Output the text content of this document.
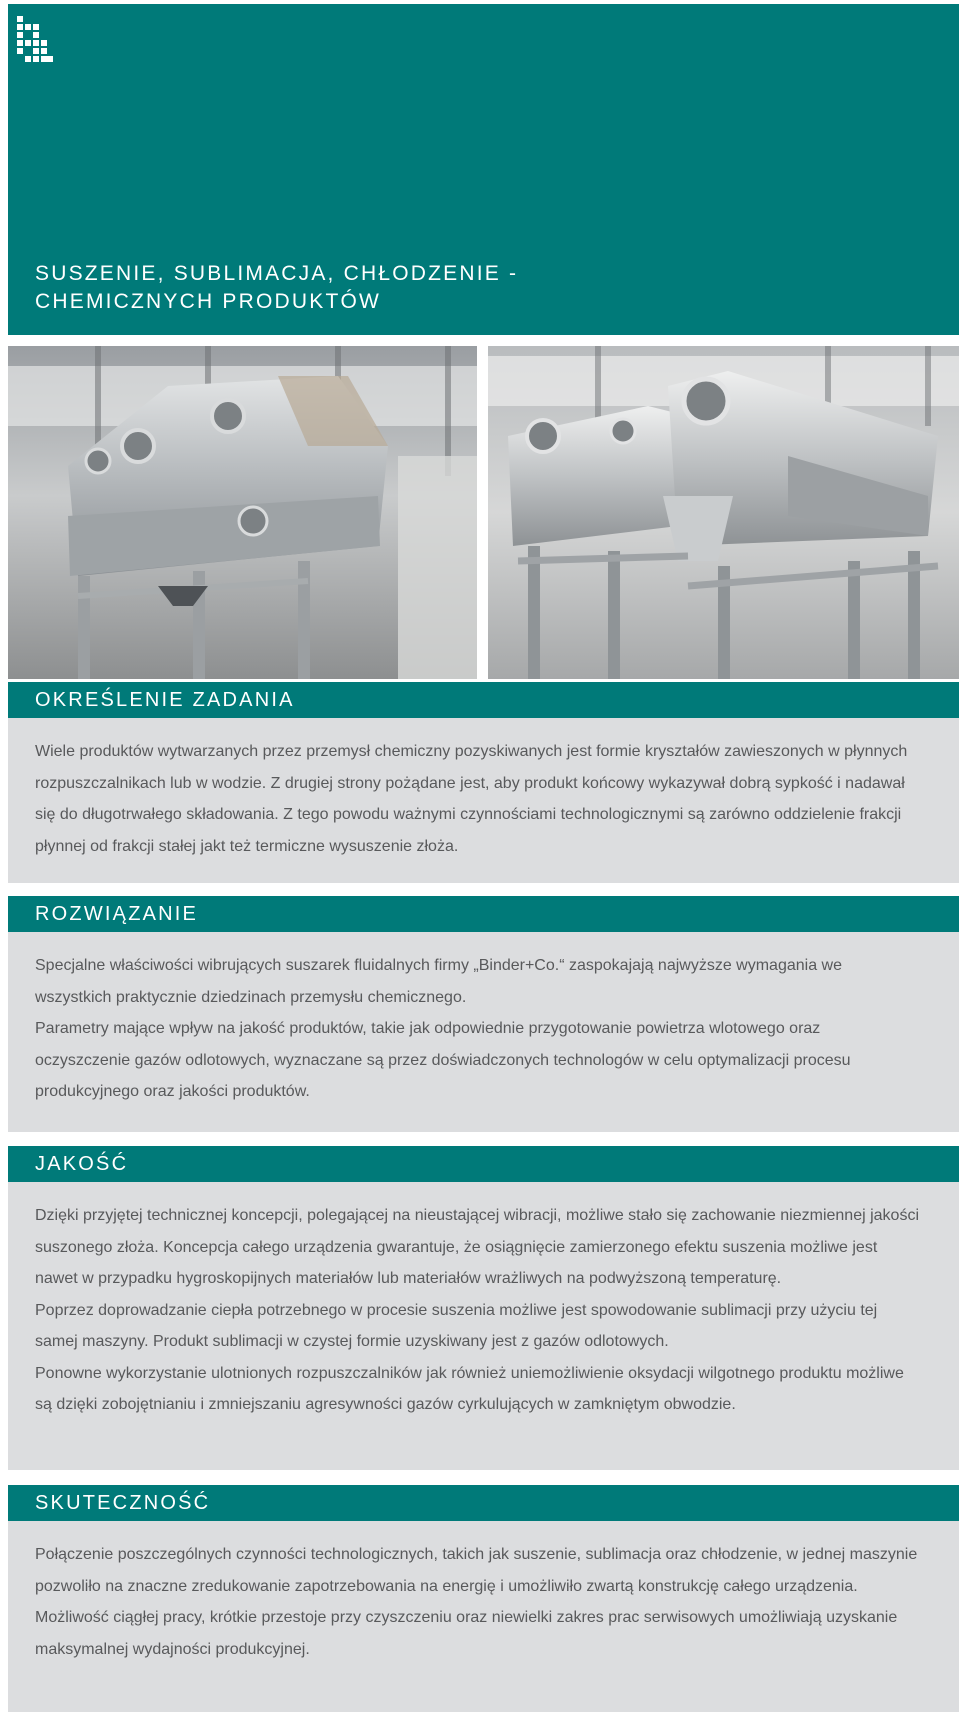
SUSZENIE, SUBLIMACJA, CHŁODZENIE -
CHEMICZNYCH PRODUKTÓW
OKREŚLENIE ZADANIA

Wiele produktów wytwarzanych przez przemysł chemiczny pozyskiwanych jest formie kryształów zawieszonych w płynnych rozpuszczalnikach lub w wodzie. Z drugiej strony pożądane jest, aby produkt końcowy wykazywał dobrą sypkość i nadawał się do długotrwałego składowania. Z tego powodu ważnymi czynnościami technologicznymi są zarówno oddzielenie frakcji płynnej od frakcji stałej jakt też termiczne wysuszenie złoża.

ROZWIĄZANIE

Specjalne właściwości wibrujących suszarek fluidalnych firmy „Binder+Co.“ zaspokajają najwyższe wymagania we wszystkich praktycznie dziedzinach przemysłu chemicznego.

Parametry mające wpływ na jakość produktów, takie jak odpowiednie przygotowanie powietrza wlotowego oraz oczyszczenie gazów odlotowych, wyznaczane są przez doświadczonych technologów w celu optymalizacji procesu produkcyjnego oraz jakości produktów.

JAKOŚĆ

Dzięki przyjętej technicznej koncepcji, polegającej na nieustającej wibracji, możliwe stało się zachowanie niezmiennej jakości suszonego złoża. Koncepcja całego urządzenia gwarantuje, że osiągnięcie zamierzonego efektu suszenia możliwe jest nawet w przypadku hygroskopijnych materiałów lub materiałów wrażliwych na podwyższoną temperaturę.

Poprzez doprowadzanie ciepła potrzebnego w procesie suszenia możliwe jest spowodowanie sublimacji przy użyciu tej samej maszyny. Produkt sublimacji w czystej formie uzyskiwany jest z gazów odlotowych.

Ponowne wykorzystanie ulotnionych rozpuszczalników jak również uniemożliwienie oksydacji wilgotnego produktu możliwe są dzięki zobojętnianiu i zmniejszaniu agresywności gazów cyrkulujących w zamkniętym obwodzie.

SKUTECZNOŚĆ

Połączenie poszczególnych czynności technologicznych, takich jak suszenie, sublimacja oraz chłodzenie, w jednej maszynie pozwoliło na znaczne zredukowanie zapotrzebowania na energię i umożliwiło zwartą konstrukcję całego urządzenia. Możliwość ciągłej pracy, krótkie przestoje przy czyszczeniu oraz niewielki zakres prac serwisowych umożliwiają uzyskanie maksymalnej wydajności produkcyjnej.
